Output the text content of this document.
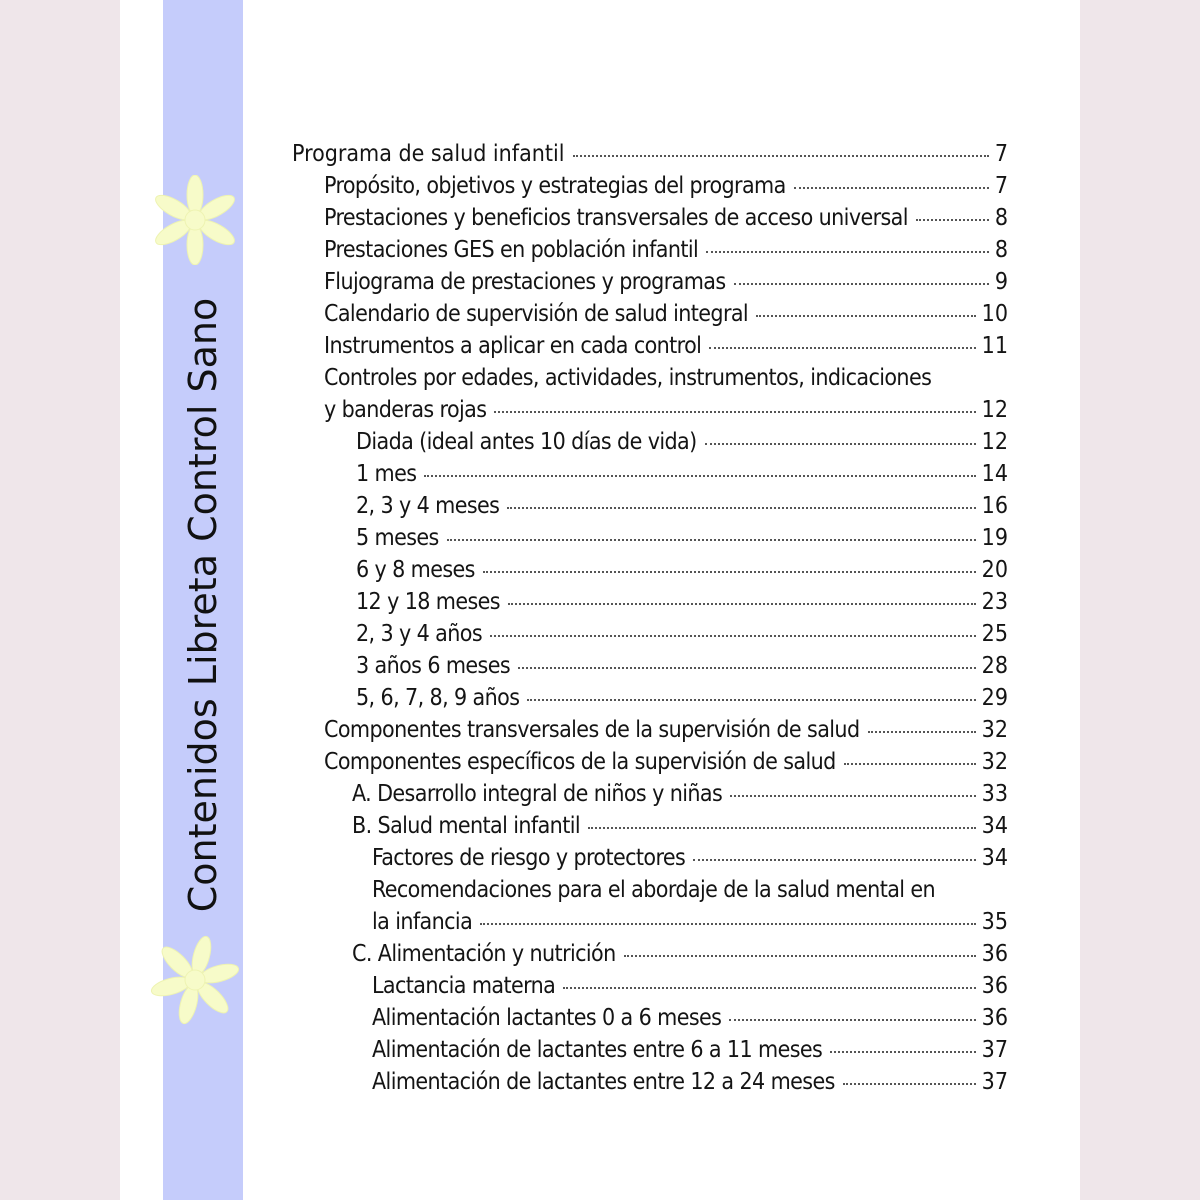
Contenidos Libreta Control Sano
Programa de salud infantil	7
Propósito, objetivos y estrategias del programa	7
Prestaciones y beneficios transversales de acceso universal	8
Prestaciones GES en población infantil	8
Flujograma de prestaciones y programas	9
Calendario de supervisión de salud integral	10
Instrumentos a aplicar en cada control	11
Controles por edades, actividades, instrumentos, indicaciones
y banderas rojas	12
Diada (ideal antes 10 días de vida)	12
1 mes	14
2, 3 y 4 meses	16
5 meses	19
6 y 8 meses	20
12 y 18 meses	23
2, 3 y 4 años	25
3 años 6 meses	28
5, 6, 7, 8, 9 años	29
Componentes transversales de la supervisión de salud	32
Componentes específicos de la supervisión de salud	32
A. Desarrollo integral de niños y niñas	33
B. Salud mental infantil	34
Factores de riesgo y protectores	34
Recomendaciones para el abordaje de la salud mental en
la infancia	35
C. Alimentación y nutrición	36
Lactancia materna	36
Alimentación lactantes 0 a 6 meses	36
Alimentación de lactantes entre 6 a 11 meses	37
Alimentación de lactantes entre 12 a 24 meses	37
